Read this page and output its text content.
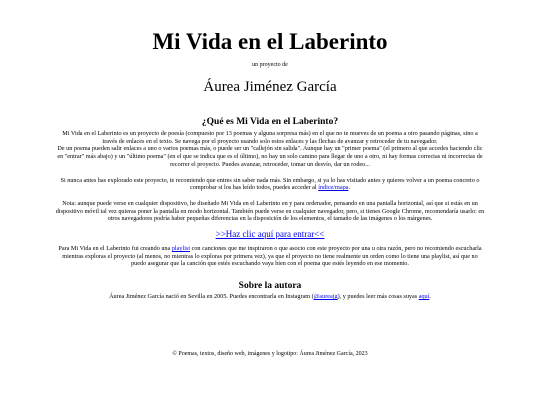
Mi Vida en el Laberinto
un proyecto de
Áurea Jiménez García
¿Qué es Mi Vida en el Laberinto?
Mi Vida en el Laberinto es un proyecto de poesía (compuesto por 13 poemas y alguna sorpresa más) en el que no te mueves de un poema a otro pasando páginas, sino a través de enlaces en el texto. Se navega por el proyecto usando solo estos enlaces y las flechas de avanzar y retroceder de tu navegador.
De un poema pueden salir enlaces a uno o varios poemas más, o puede ser un "callejón sin salida". Aunque hay un "primer poema" (el primero al que accedes haciendo clic en "entrar" más abajo) y un "último poema" (en el que se indica que es el último), no hay un solo camino para llegar de uno a otro, ni hay formas correctas ni incorrectas de recorrer el proyecto. Puedes avanzar, retroceder, tomar un desvío, dar un rodeo...

Si nunca antes has explorado este proyecto, te recomiendo que entres sin saber nada más. Sin embargo, si ya lo has visitado antes y quieres volver a un poema concreto o comprobar si los has leído todos, puedes acceder al índice/mapa.

Nota: aunque puede verse en cualquier dispositivo, he diseñado Mi Vida en el Laberinto en y para ordenador, pensando en una pantalla horizontal, así que si estás en un dispositivo móvil tal vez quieras poner la pantalla en modo horizontal. También puede verse en cualquier navegador, pero, si tienes Google Chrome, recomendaría usarlo: en otros navegadores podría haber pequeñas diferencias en la disposición de los elementos, el tamaño de las imágenes o los márgenes.

>>Haz clic aquí para entrar<<

Para Mi Vida en el Laberinto fui creando una playlist con canciones que me inspiraron o que asocio con este proyecto por una u otra razón, pero no recomiendo escucharla mientras exploras el proyecto (al menos, no mientras lo exploras por primera vez), ya que el proyecto no tiene realmente un orden como lo tiene una playlist, así que no puedo asegurar que la canción que estés escuchando vaya bien con el poema que estés leyendo en ese momento.

Sobre la autora

Áurea Jiménez García nació en Sevilla en 2005. Puedes encontrarla en Instagram (@aureajg), y puedes leer más cosas suyas aquí.

© Poemas, textos, diseño web, imágenes y logotipo: Áurea Jiménez García, 2023
